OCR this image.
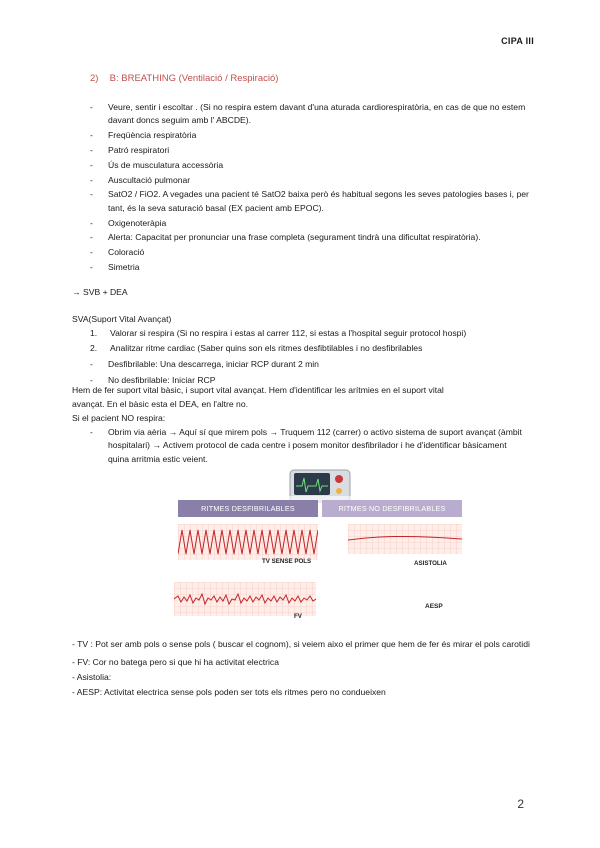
CIPA III
2) B: BREATHING (Ventilació / Respiració)
- Veure, sentir i escoltar . (Si no respira estem davant d'una aturada cardiorespiratòria, en cas de que no estem davant doncs seguim amb l' ABCDE).
- Freqüència respiratòria
- Patró respiratori
- Ús de musculatura accessòria
- Auscultació pulmonar
- SatO2 / FiO2. A vegades una pacient té SatO2 baixa però és habitual segons les seves patologies bases i, per tant, és la seva saturació basal (EX pacient amb EPOC).
- Oxigenoteràpia
- Alerta: Capacitat per pronunciar una frase completa (segurament tindrà una dificultat respiratòria).
- Coloració
- Simetria
→ SVB + DEA
SVA(Suport Vital Avançat)
1. Valorar si respira (Si no respira i estas al carrer 112, si estas a l'hospital seguir protocol hospi)
2. Analitzar ritme cardiac (Saber quins son els ritmes desfibtilables i no desfibrilables
- Desfibrilable: Una descarrega, iniciar RCP durant 2 min
- No desfibrilable: Iniciar RCP
Hem de fer suport vital bàsic, i suport vital avançat. Hem d'identificar les arítmies en el suport vital
avançat. En el bàsic esta el DEA, en l'altre no.
Si el pacient NO respira:
- Obrim via aèria → Aquí sí que mirem pols → Truquem 112 (carrer) o activo sistema de suport avançat (àmbit hospitalari) → Activem protocol de cada centre i posem monitor desfibrilador i he d'identificar bàsicament quina arritmia estic veient.
RITMES DESFIBRILABLES	RITMES NO DESFIBRILABLES
TV SENSE POLS	ASISTOLIA
FV
AESP
- TV : Pot ser amb pols o sense pols ( buscar el cognom), si veiem aixo el primer que hem de fer és mirar el pols carotidi
- FV: Cor no batega pero si que hi ha activitat electrica
- Asistolia:
- AESP: Activitat electrica sense pols poden ser tots els ritmes pero no condueixen
2
